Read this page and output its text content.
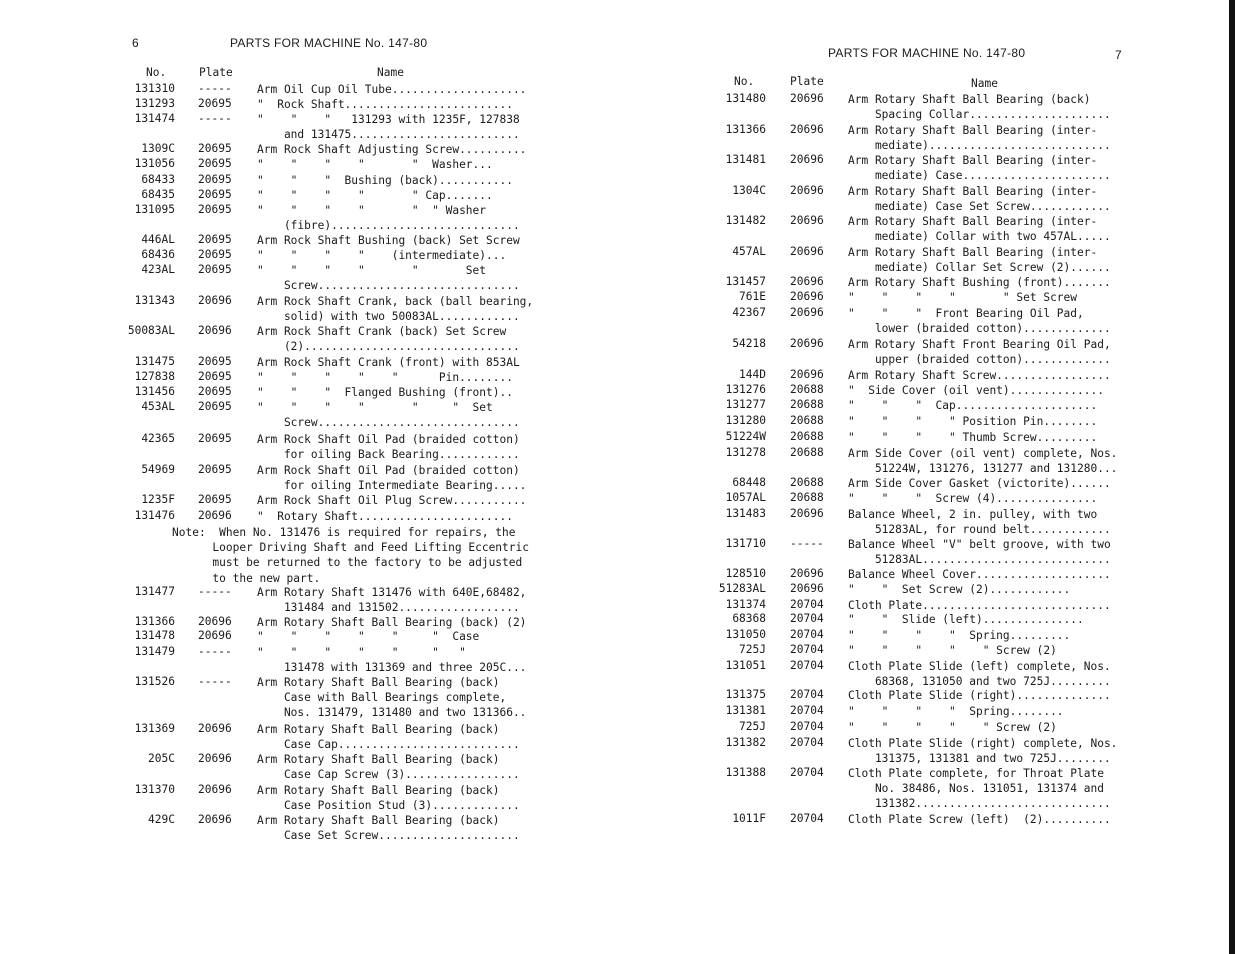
6	PARTS FOR MACHINE No. 147-80
No.	Plate	Name
131310 ----- Arm Oil Cup Oil Tube....................
131293 20695 "  Rock Shaft.........................
131474 ----- "    "    "   131293 with 1235F, 127838
and 131475.........................
1309C 20695 Arm Rock Shaft Adjusting Screw..........
131056 20695 "    "    "    "       "  Washer...
68433 20695 "    "    "  Bushing (back)...........
68435 20695 "    "    "    "       " Cap.......
131095 20695 "    "    "    "       "  " Washer
(fibre)............................
446AL 20695 Arm Rock Shaft Bushing (back) Set Screw
68436 20695 "    "    "    "    (intermediate)...
423AL 20695 "    "    "    "       "       Set
Screw..............................
131343 20696 Arm Rock Shaft Crank, back (ball bearing,
solid) with two 50083AL............
50083AL 20696 Arm Rock Shaft Crank (back) Set Screw
(2)................................
131475 20695 Arm Rock Shaft Crank (front) with 853AL
127838 20695 "    "    "    "    "      Pin........
131456 20695 "    "    "  Flanged Bushing (front)..
453AL 20695 "    "    "    "       "     "  Set
Screw..............................
42365 20695 Arm Rock Shaft Oil Pad (braided cotton)
for oiling Back Bearing............
54969 20695 Arm Rock Shaft Oil Pad (braided cotton)
for oiling Intermediate Bearing.....
1235F 20695 Arm Rock Shaft Oil Plug Screw...........
131476 20696 "  Rotary Shaft.......................
131477 ----- Arm Rotary Shaft 131476 with 640E,68482,
131484 and 131502..................
131366 20696 Arm Rotary Shaft Ball Bearing (back) (2)
131478 20696 "    "    "    "    "     "  Case
131479 ----- "    "    "    "    "     "   "
131478 with 131369 and three 205C...
131526 ----- Arm Rotary Shaft Ball Bearing (back)
Case with Ball Bearings complete,
Nos. 131479, 131480 and two 131366..
131369 20696 Arm Rotary Shaft Ball Bearing (back)
Case Cap...........................
205C 20696 Arm Rotary Shaft Ball Bearing (back)
Case Cap Screw (3).................
131370 20696 Arm Rotary Shaft Ball Bearing (back)
Case Position Stud (3).............
429C 20696 Arm Rotary Shaft Ball Bearing (back)
Case Set Screw.....................
Note:  When No. 131476 is required for repairs, the
Looper Driving Shaft and Feed Lifting Eccentric
must be returned to the factory to be adjusted
to the new part.
PARTS FOR MACHINE No. 147-80	7
No.	Plate	Name
131480 20696 Arm Rotary Shaft Ball Bearing (back)
Spacing Collar.....................
131366 20696 Arm Rotary Shaft Ball Bearing (inter-
mediate)...........................
131481 20696 Arm Rotary Shaft Ball Bearing (inter-
mediate) Case......................
1304C 20696 Arm Rotary Shaft Ball Bearing (inter-
mediate) Case Set Screw............
131482 20696 Arm Rotary Shaft Ball Bearing (inter-
mediate) Collar with two 457AL.....
457AL 20696 Arm Rotary Shaft Ball Bearing (inter-
mediate) Collar Set Screw (2)......
131457 20696 Arm Rotary Shaft Bushing (front).......
761E 20696 "    "    "    "       " Set Screw
42367 20696 "    "    "  Front Bearing Oil Pad,
lower (braided cotton).............
54218 20696 Arm Rotary Shaft Front Bearing Oil Pad,
upper (braided cotton).............
144D 20696 Arm Rotary Shaft Screw.................
131276 20688 "  Side Cover (oil vent)..............
131277 20688 "    "    "  Cap.....................
131280 20688 "    "    "    " Position Pin........
51224W 20688 "    "    "    " Thumb Screw.........
131278 20688 Arm Side Cover (oil vent) complete, Nos.
51224W, 131276, 131277 and 131280...
68448 20688 Arm Side Cover Gasket (victorite)......
1057AL 20688 "    "    "  Screw (4)...............
131483 20696 Balance Wheel, 2 in. pulley, with two
51283AL, for round belt............
131710 ----- Balance Wheel "V" belt groove, with two
51283AL............................
128510 20696 Balance Wheel Cover....................
51283AL 20696 "    "  Set Screw (2)............
131374 20704 Cloth Plate............................
68368 20704 "    "  Slide (left)...............
131050 20704 "    "    "    "  Spring.........
725J 20704 "    "    "    "    " Screw (2)
131051 20704 Cloth Plate Slide (left) complete, Nos.
68368, 131050 and two 725J.........
131375 20704 Cloth Plate Slide (right)..............
131381 20704 "    "    "    "  Spring........
725J 20704 "    "    "    "    " Screw (2)
131382 20704 Cloth Plate Slide (right) complete, Nos.
131375, 131381 and two 725J........
131388 20704 Cloth Plate complete, for Throat Plate
No. 38486, Nos. 131051, 131374 and
131382.............................
1011F 20704 Cloth Plate Screw (left)  (2)..........
